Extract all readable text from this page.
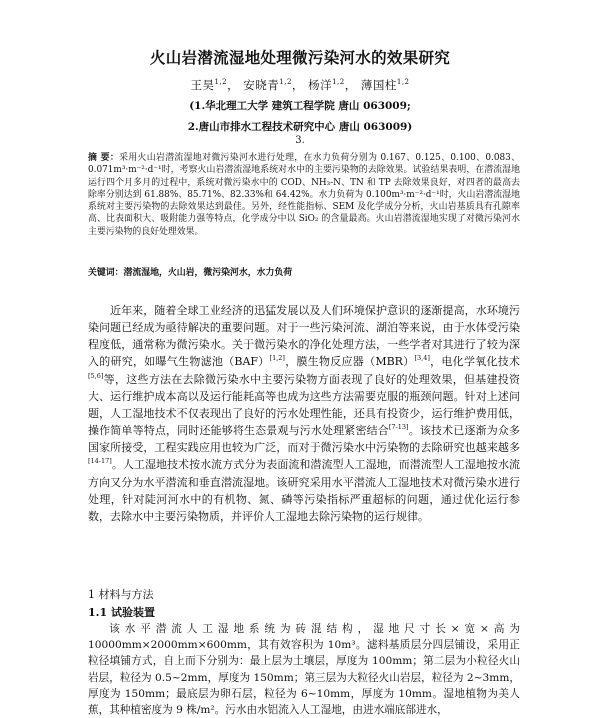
火山岩潜流湿地处理微污染河水的效果研究
王昊$^{1,2}$， 安晓青$^{1,2}$， 杨洋$^{1,2}$， 薄国柱$^{1,2}$
(1.华北理工大学 建筑工程学院 唐山 063009;
2.唐山市排水工程技术研究中心 唐山 063009)
3.
摘 要：采用火山岩潜流湿地对微污染河水进行处理，在水力负荷分别为 0.167、0.125、0.100、0.083、0.071m³·m⁻²·d⁻¹时，考察火山岩潜流湿地系统对水中的主要污染物的去除效果。试验结果表明，在潜流湿地运行四个月多月的过程中，系统对微污染水中的 COD、NH₃-N、TN 和 TP 去除效果良好，对四者的最高去除率分别达到 61.88%、85.71%、82.33%和 64.42%。水力负荷为 0.100m³·m⁻²·d⁻¹时，火山岩潜流湿地系统对主要污染物的去除效果达到最佳。另外，经性能指标、SEM 及化学成分分析，火山岩基质具有孔隙率高、比表面积大、吸附能力强等特点，化学成分中以 SiO₂ 的含量最高。火山岩潜流湿地实现了对微污染河水主要污染物的良好处理效果。
关键词：潜流湿地，火山岩，微污染河水，水力负荷

近年来，随着全球工业经济的迅猛发展以及人们环境保护意识的逐渐提高，水环境污染问题已经成为亟待解决的重要问题。对于一些污染河流、湖泊等来说，由于水体受污染程度低，通常称为微污染水。关于微污染水的净化处理方法，一些学者对其进行了较为深入的研究，如曝气生物滤池（BAF）[1,2]，膜生物反应器（MBR）[3,4]，电化学氧化技术[5,6]等，这些方法在去除微污染水中主要污染物方面表现了良好的处理效果，但基建投资大、运行维护成本高以及运行能耗高等也成为这些方法需要克服的瓶颈问题。针对上述问题，人工湿地技术不仅表现出了良好的污水处理性能，还具有投资少，运行维护费用低，操作简单等特点，同时还能够将生态景观与污水处理紧密结合[7-13]。该技术已逐渐为众多国家所接受，工程实践应用也较为广泛，而对于微污染水中污染物的去除研究也越来越多[14-17]。人工湿地技术按水流方式分为表面流和潜流型人工湿地，而潜流型人工湿地按水流方向又分为水平潜流和垂直潜流湿地。该研究采用水平潜流人工湿地技术对微污染水进行处理，针对陡河河水中的有机物、氮、磷等污染指标严重超标的问题，通过优化运行参数，去除水中主要污染物质，并评价人工湿地去除污染物的运行规律。

1 材料与方法
1.1 试验装置

该水平潜流人工湿地系统为砖混结构，湿地尺寸长×宽×高为 10000mm×2000mm×600mm，其有效容积为 10m³。滤料基质层分四层铺设，采用正粒径填铺方式，自上而下分别为：最上层为土壤层，厚度为 100mm；第二层为小粒径火山岩层，粒径为 0.5~2mm，厚度为 150mm；第三层为大粒径火山岩层，粒径为 2~3mm，厚度为 150mm；最底层为卵石层，粒径为 6~10mm，厚度为 10mm。湿地植物为美人蕉，其种植密度为 9 株/m²。污水由水铝流入人工湿地，由进水端底部进水，
